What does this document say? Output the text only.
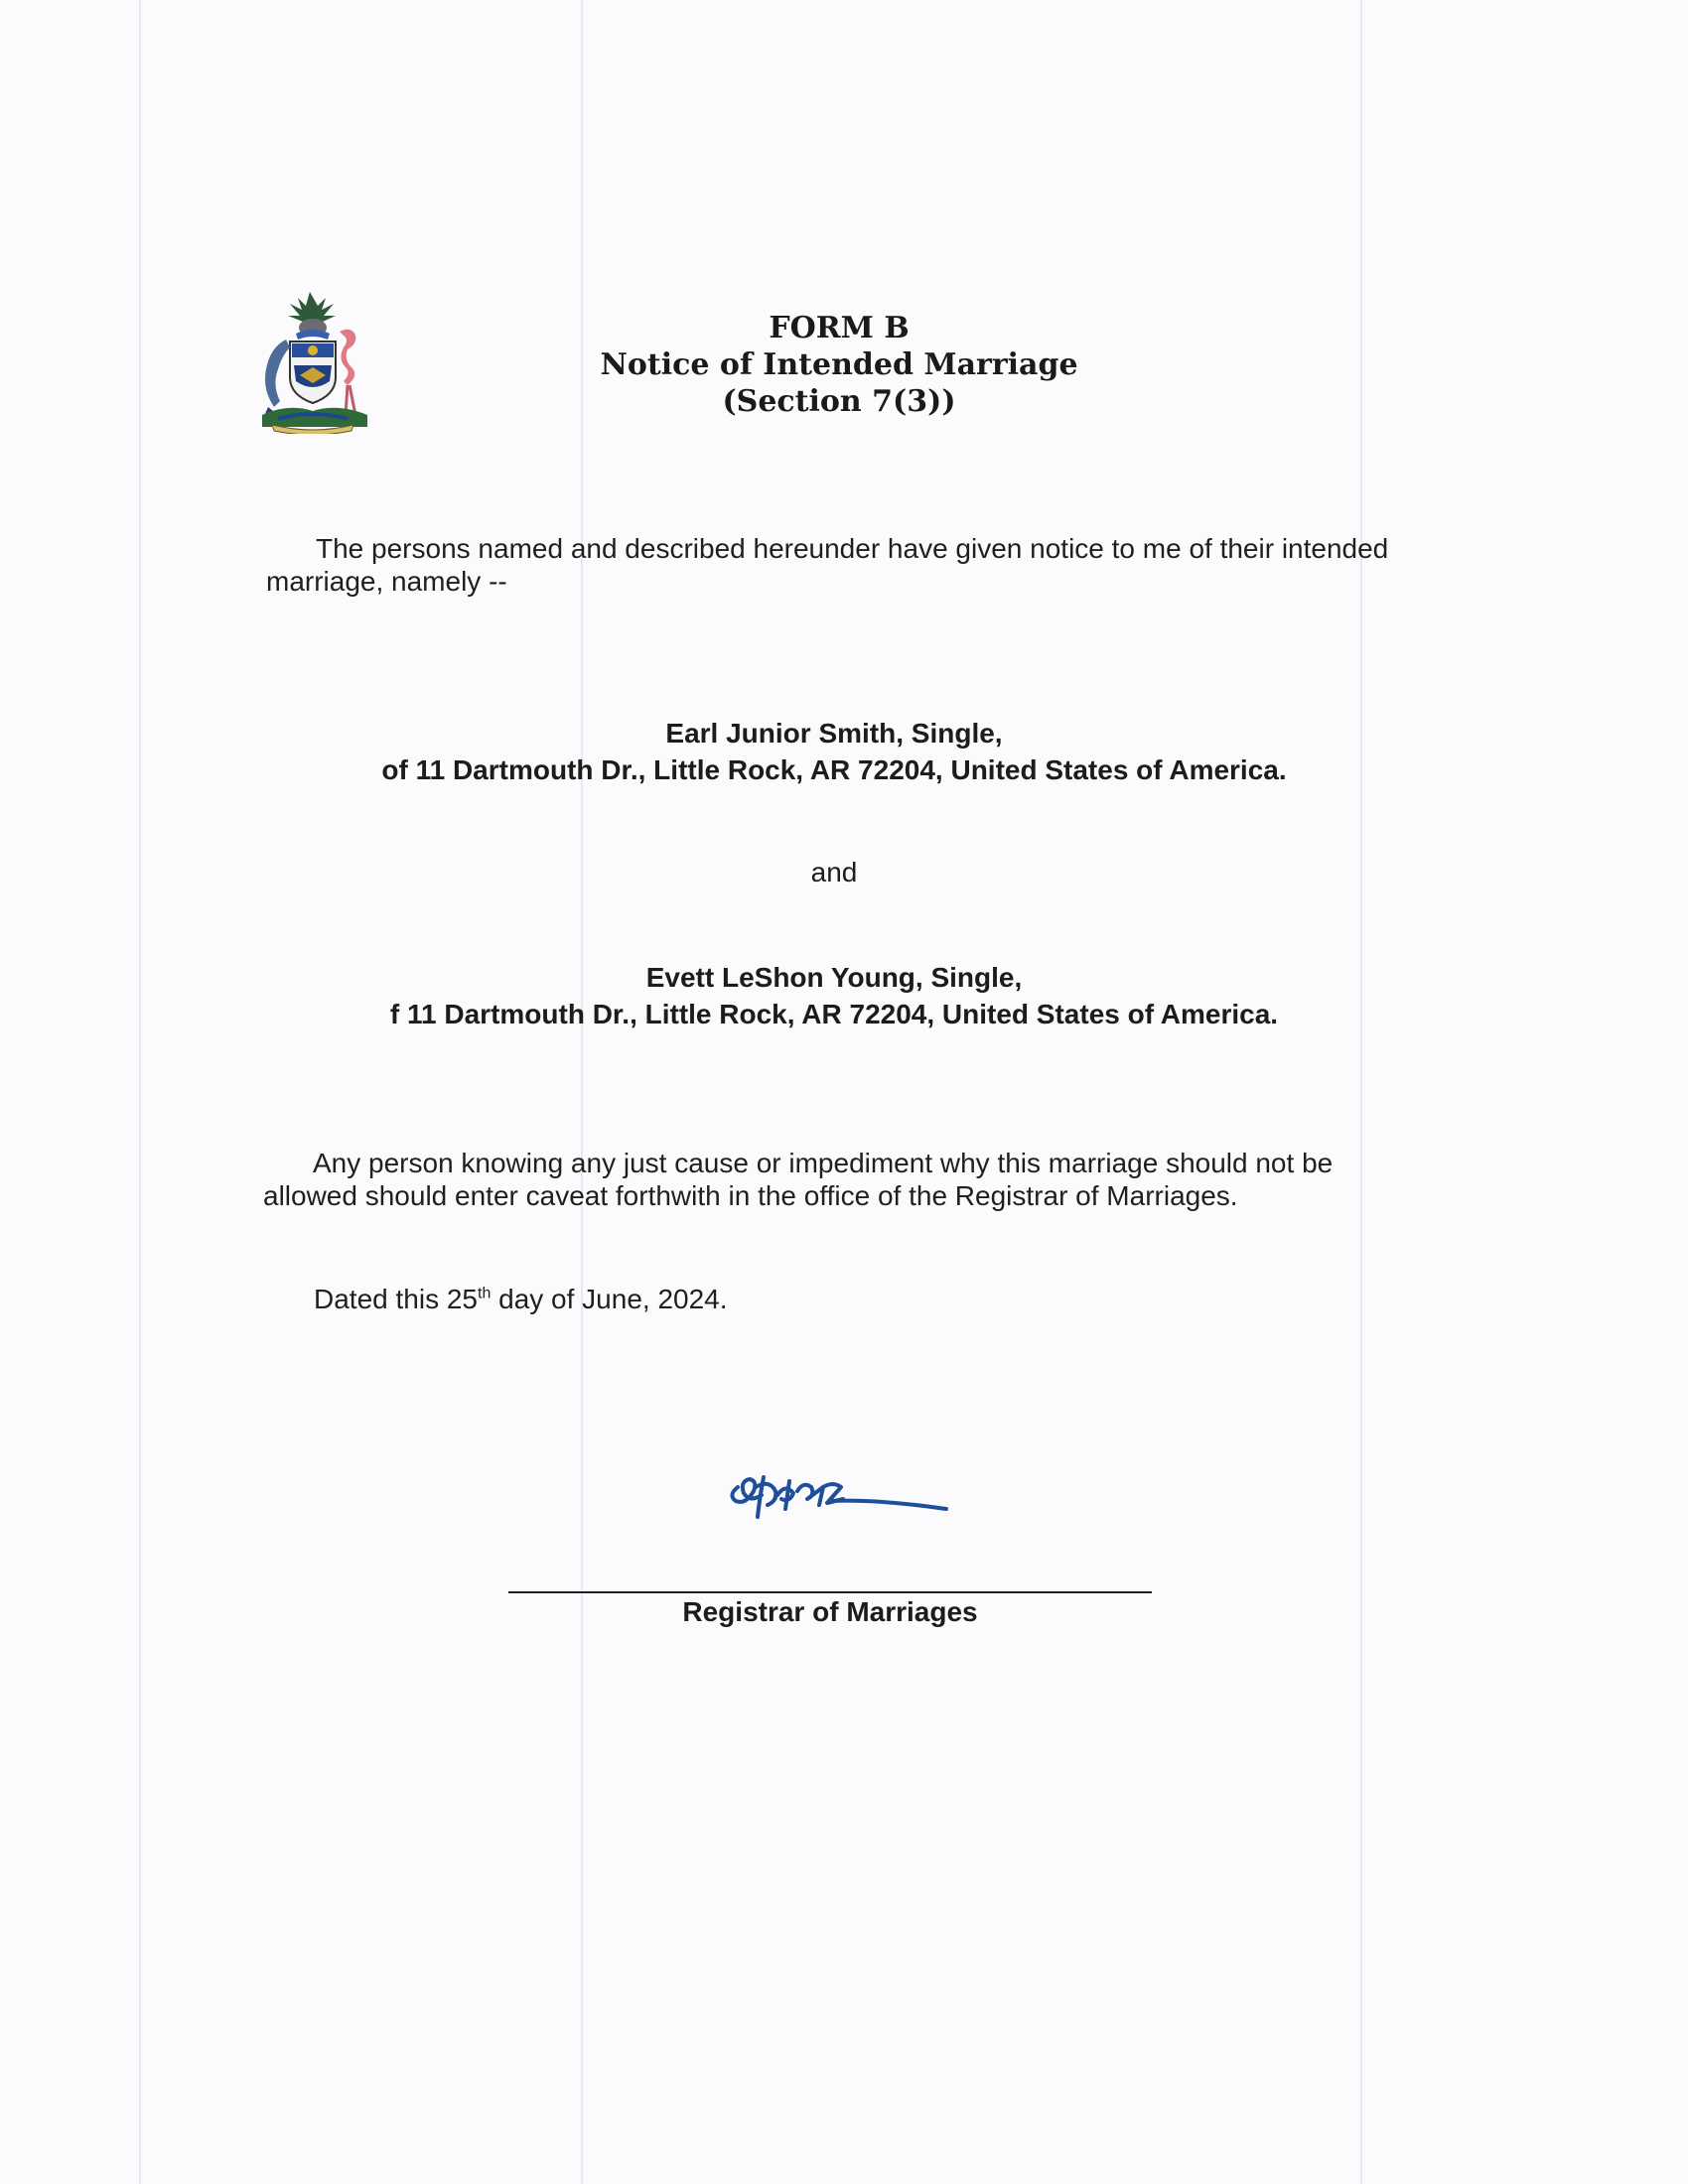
FORM B
Notice of Intended Marriage
(Section 7(3))
The persons named and described hereunder have given notice to me of their intended marriage, namely --
Earl Junior Smith, Single,
of 11 Dartmouth Dr., Little Rock, AR 72204, United States of America.
and
Evett LeShon Young, Single,
f 11 Dartmouth Dr., Little Rock, AR 72204, United States of America.
Any person knowing any just cause or impediment why this marriage should not be allowed should enter caveat forthwith in the office of the Registrar of Marriages.
Dated this 25th day of June, 2024.
Registrar of Marriages
